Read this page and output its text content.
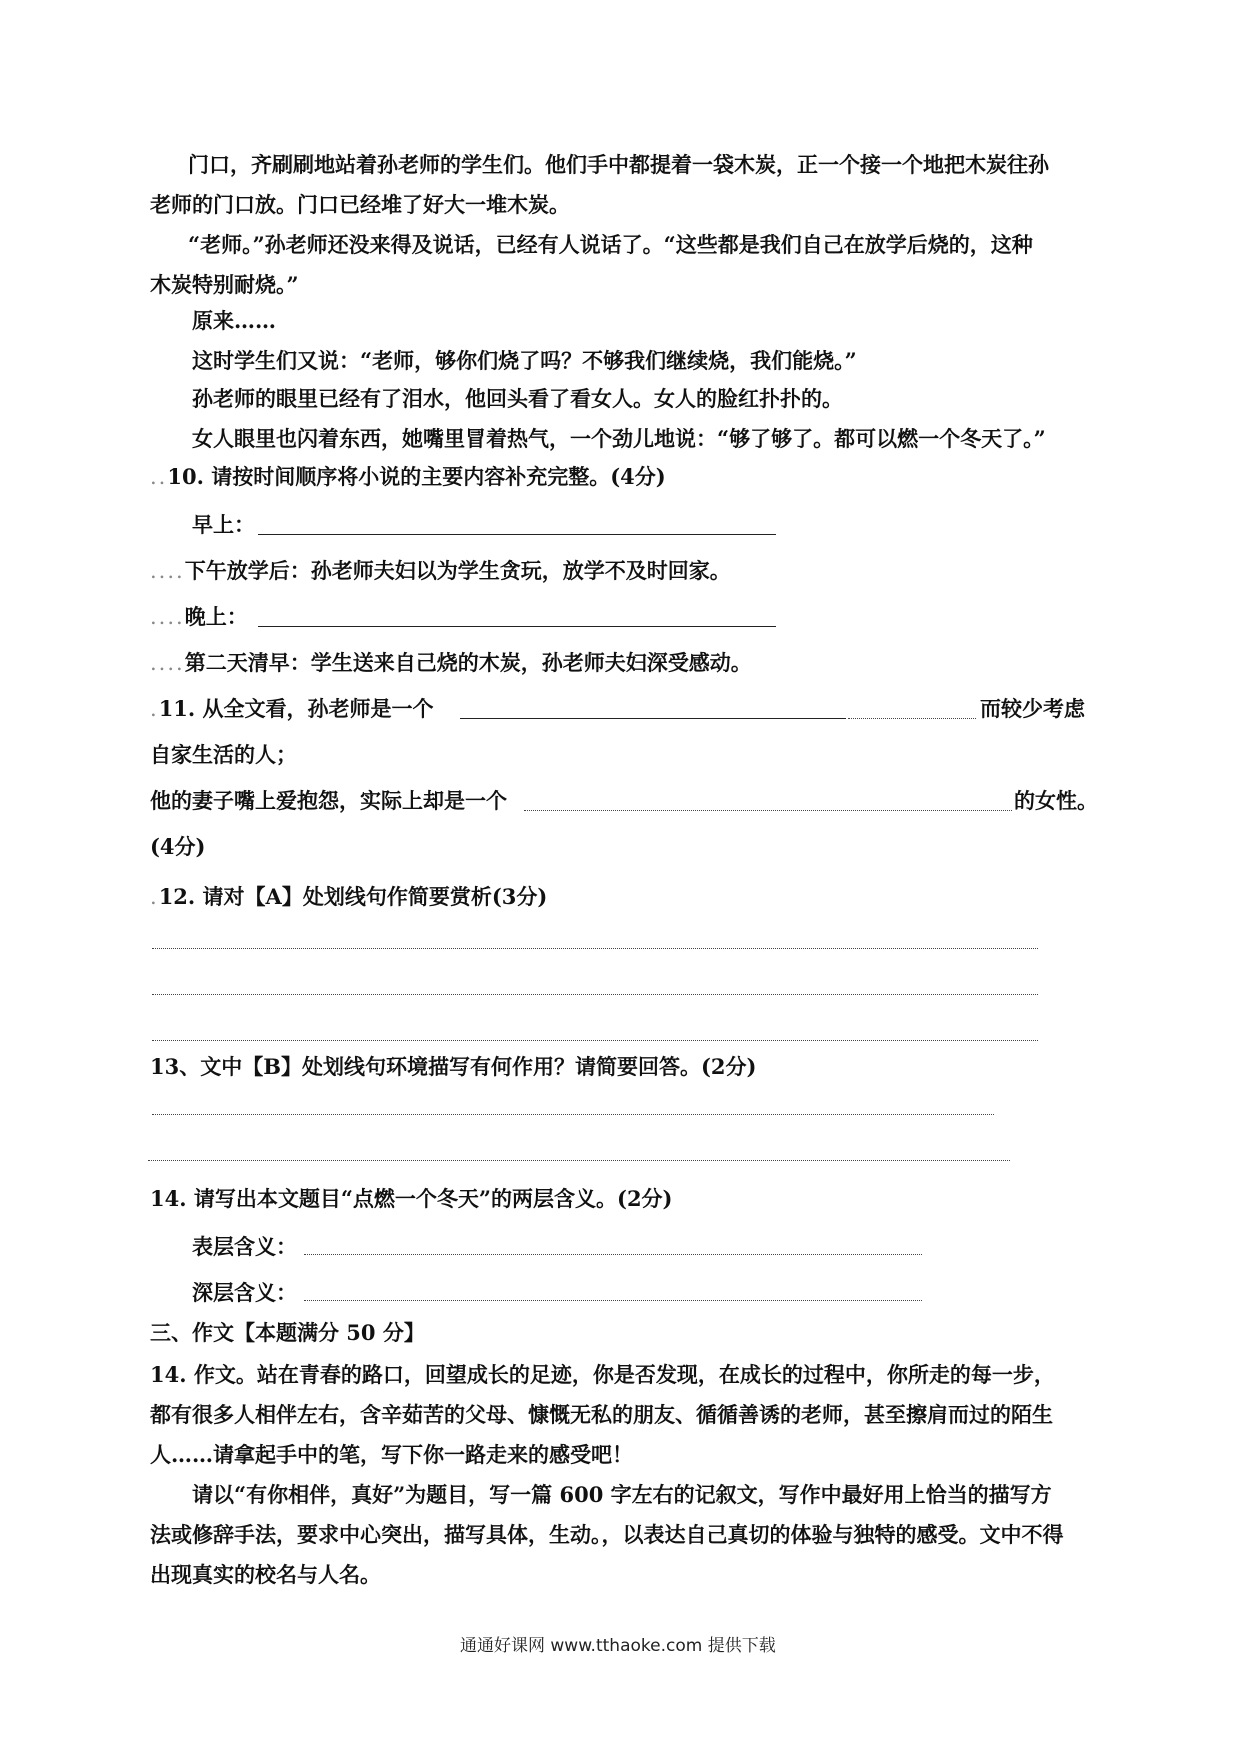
门口，齐刷刷地站着孙老师的学生们。他们手中都提着一袋木炭，正一个接一个地把木炭往孙
老师的门口放。门口已经堆了好大一堆木炭。
“老师。”孙老师还没来得及说话，已经有人说话了。“这些都是我们自己在放学后烧的，这种
木炭特别耐烧。”
原来……
这时学生们又说：“老师，够你们烧了吗？不够我们继续烧，我们能烧。”
孙老师的眼里已经有了泪水，他回头看了看女人。女人的脸红扑扑的。
女人眼里也闪着东西，她嘴里冒着热气，一个劲儿地说：“够了够了。都可以燃一个冬天了。”
..10. 请按时间顺序将小说的主要内容补充完整。(4分)
早上：
....下午放学后：孙老师夫妇以为学生贪玩，放学不及时回家。
....晚上：
....第二天清早：学生送来自己烧的木炭，孙老师夫妇深受感动。
.11. 从全文看，孙老师是一个	而较少考虑
自家生活的人；
他的妻子嘴上爱抱怨，实际上却是一个	的女性。
(4分)
.12. 请对【A】处划线句作简要赏析(3分)
13、文中【B】处划线句环境描写有何作用？请简要回答。(2分)
14. 请写出本文题目“点燃一个冬天”的两层含义。(2分)
表层含义：
深层含义：
三、作文【本题满分 50 分】
14. 作文。站在青春的路口，回望成长的足迹，你是否发现，在成长的过程中，你所走的每一步，
都有很多人相伴左右，含辛茹苦的父母、慷慨无私的朋友、循循善诱的老师，甚至擦肩而过的陌生
人……请拿起手中的笔，写下你一路走来的感受吧！
请以“有你相伴，真好”为题目，写一篇 600 字左右的记叙文，写作中最好用上恰当的描写方
法或修辞手法，要求中心突出，描写具体，生动。，以表达自己真切的体验与独特的感受。文中不得
出现真实的校名与人名。
通通好课网 www.tthaoke.com 提供下载
